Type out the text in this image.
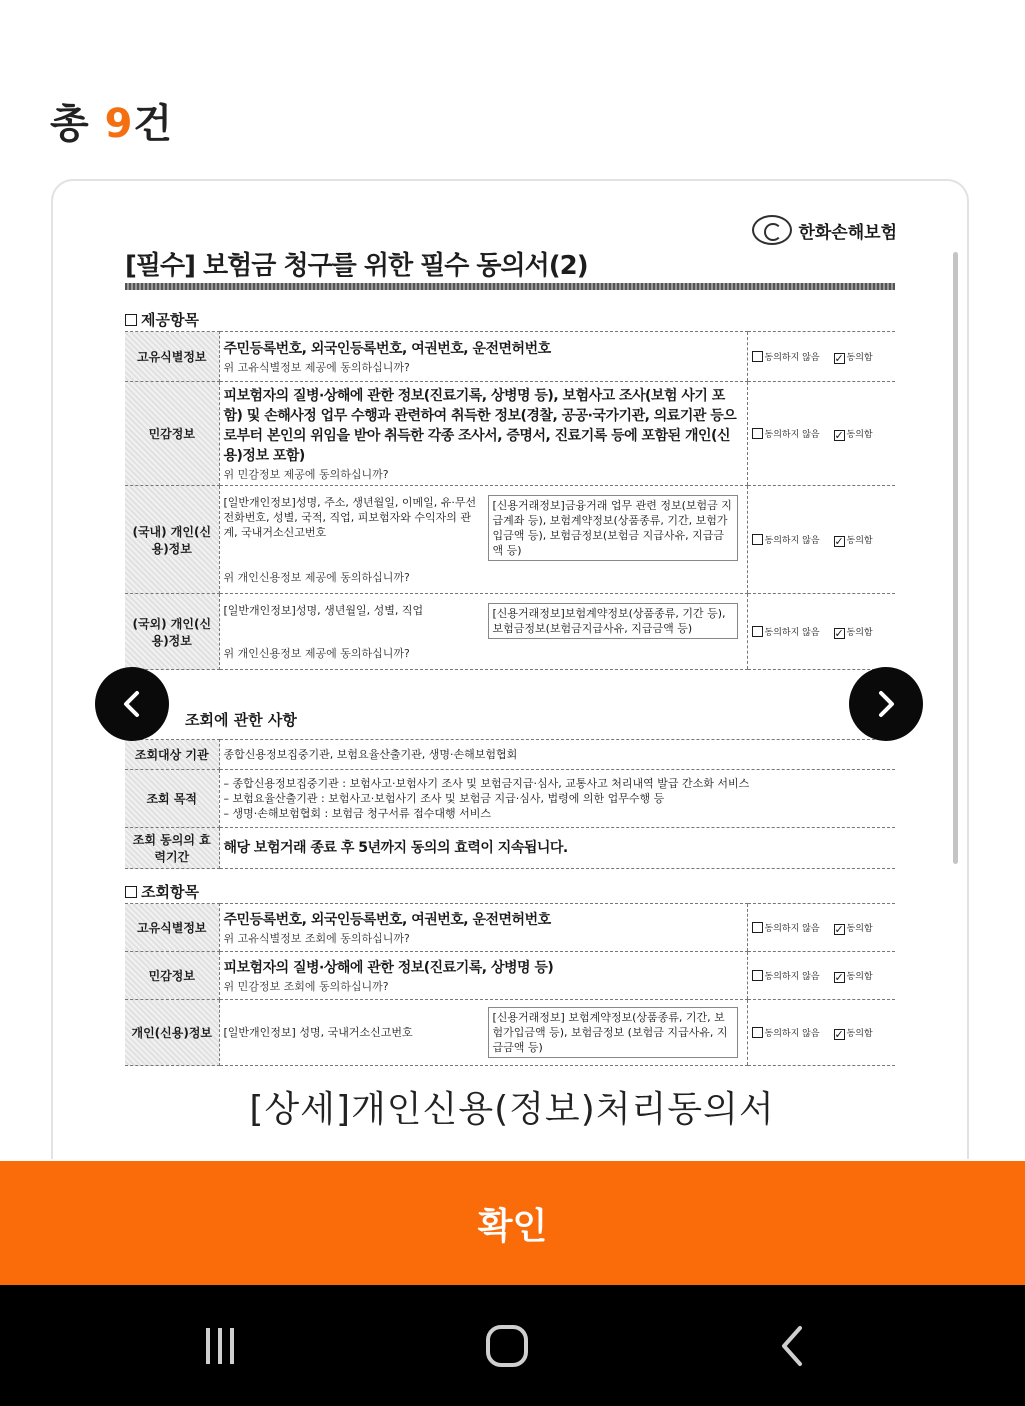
총 9건
한화손해보험
[필수] 보험금 청구를 위한 필수 동의서(2)
제공항목
고유식별정보	주민등록번호, 외국인등록번호, 여권번호, 운전면허번호
위 고유식별정보 제공에 동의하십니까?	동의하지 않음 ✓ 동의함
민감정보	피보험자의 질병·상해에 관한 정보(진료기록, 상병명 등), 보험사고 조사(보험 사기 포함) 및 손해사정 업무 수행과 관련하여 취득한 정보(경찰, 공공·국가기관, 의료기관 등으로부터 본인의 위임을 받아 취득한 각종 조사서, 증명서, 진료기록 등에 포함된 개인(신용)정보 포함)
위 민감정보 제공에 동의하십니까?	동의하지 않음 ✓ 동의함
(국내) 개인(신용)정보	[일반개인정보]성명, 주소, 생년월일, 이메일, 유·무선 전화번호, 성별, 국적, 직업, 피보험자와 수익자의 관계, 국내거소신고번호
[신용거래정보]금융거래 업무 관련 정보(보험금 지급계좌 등), 보험계약정보(상품종류, 기간, 보험가입금액 등), 보험금정보(보험금 지급사유, 지급금액 등)
위 개인신용정보 제공에 동의하십니까?	동의하지 않음 ✓ 동의함
(국외) 개인(신용)정보	[일반개인정보]성명, 생년월일, 성별, 직업 [신용거래정보]보험계약정보(상품종류, 기간 등), 보험금정보(보험금지급사유, 지급금액 등)
위 개인신용정보 제공에 동의하십니까?	동의하지 않음 ✓ 동의함
조회에 관한 사항
조회대상 기관	종합신용정보집중기관, 보험요율산출기관, 생명·손해보험협회
조회 목적	– 종합신용정보집중기관 : 보험사고·보험사기 조사 및 보험금지급·심사, 교통사고 처리내역 발급 간소화 서비스
– 보험요율산출기관 : 보험사고·보험사기 조사 및 보험금 지급·심사, 법령에 의한 업무수행 등
– 생명·손해보험협회 : 보험금 청구서류 접수대행 서비스

조회 동의의 효력기간	해당 보험거래 종료 후 5년까지 동의의 효력이 지속됩니다.
조회항목
고유식별정보	주민등록번호, 외국인등록번호, 여권번호, 운전면허번호
위 고유식별정보 조회에 동의하십니까?	동의하지 않음 ✓ 동의함
민감정보	피보험자의 질병·상해에 관한 정보(진료기록, 상병명 등)
위 민감정보 조회에 동의하십니까?	동의하지 않음 ✓ 동의함
개인(신용)정보	[일반개인정보] 성명, 국내거소신고번호
[신용거래정보] 보험계약정보(상품종류, 기간, 보험가입금액 등), 보험금정보 (보험금 지급사유, 지급금액 등)	동의하지 않음 ✓ 동의함
[상세]개인신용(정보)처리동의서
확인
